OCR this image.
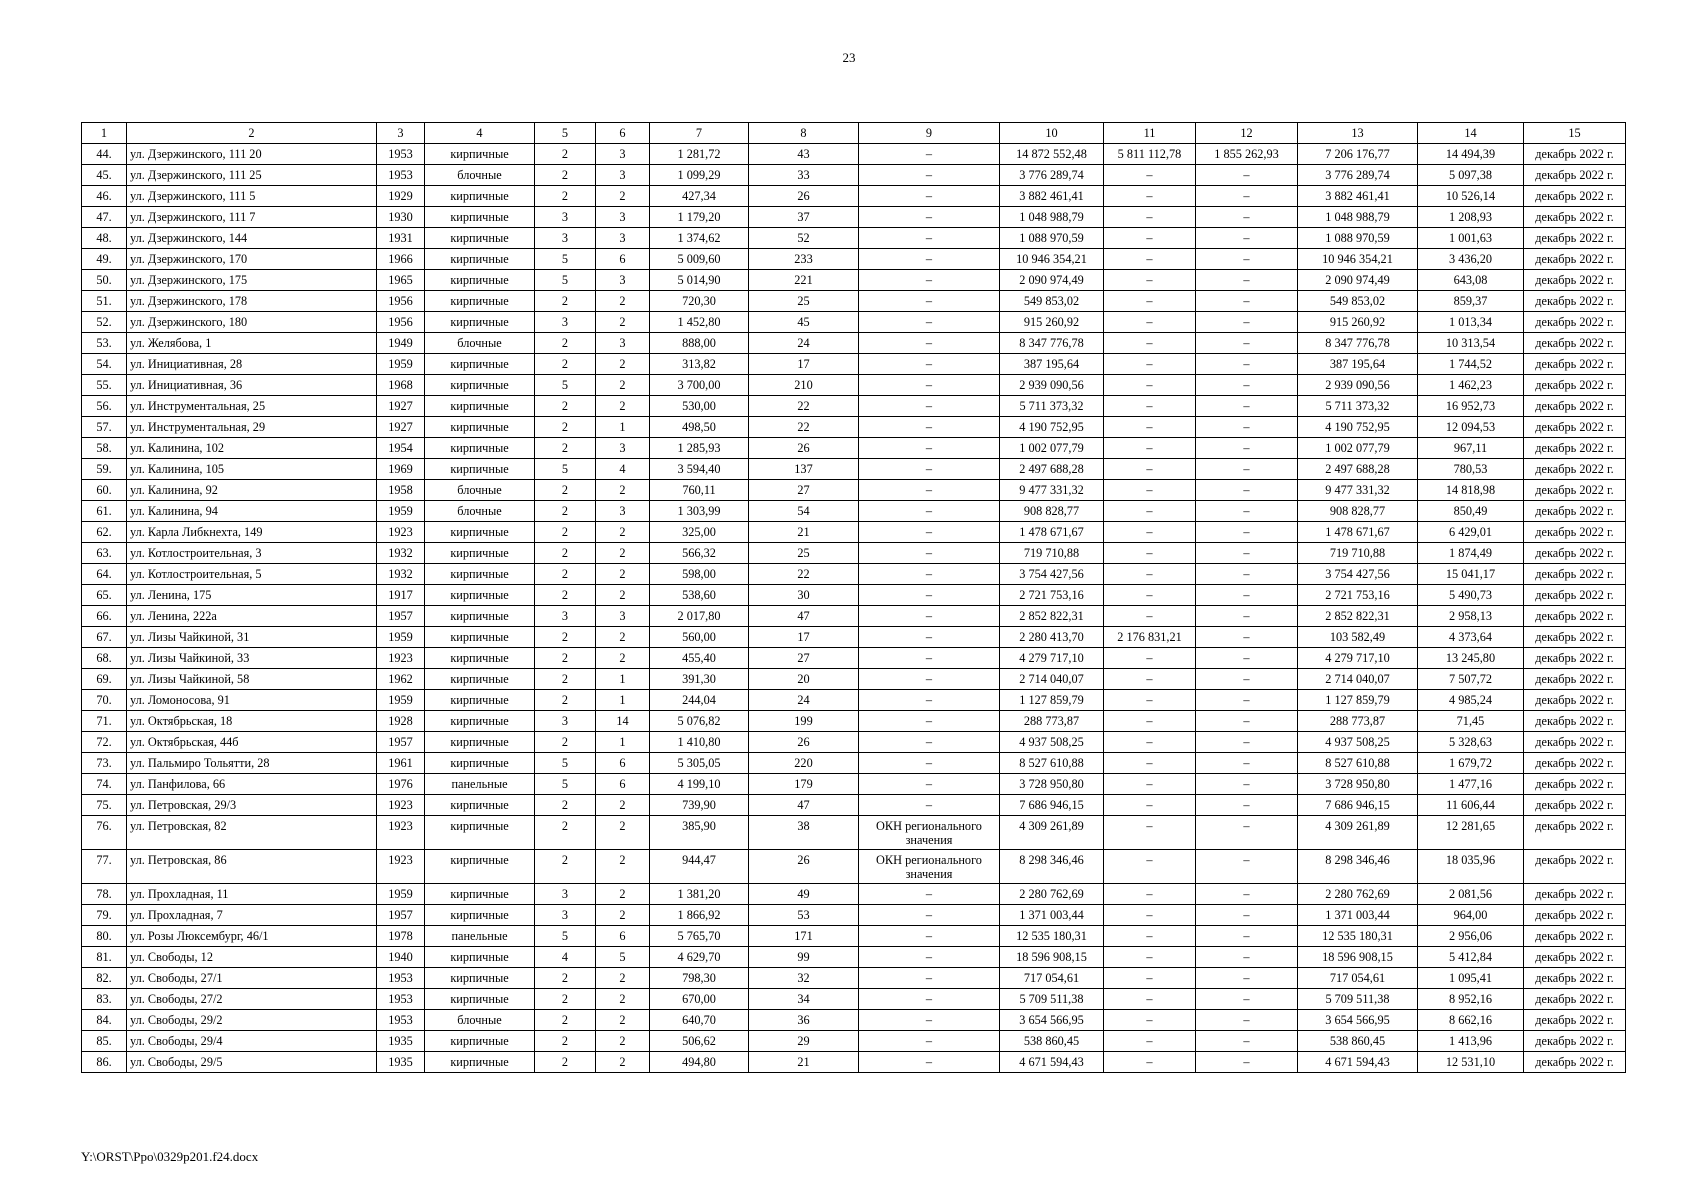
23
1	2	3	4	5	6	7	8	9	10	11	12	13	14	15
44.	ул. Дзержинского, 111 20	1953	кирпичные	2	3	1 281,72	43	–	14 872 552,48	5 811 112,78	1 855 262,93	7 206 176,77	14 494,39	декабрь 2022 г.
45.	ул. Дзержинского, 111 25	1953	блочные	2	3	1 099,29	33	–	3 776 289,74	–	–	3 776 289,74	5 097,38	декабрь 2022 г.
46.	ул. Дзержинского, 111 5	1929	кирпичные	2	2	427,34	26	–	3 882 461,41	–	–	3 882 461,41	10 526,14	декабрь 2022 г.
47.	ул. Дзержинского, 111 7	1930	кирпичные	3	3	1 179,20	37	–	1 048 988,79	–	–	1 048 988,79	1 208,93	декабрь 2022 г.
48.	ул. Дзержинского, 144	1931	кирпичные	3	3	1 374,62	52	–	1 088 970,59	–	–	1 088 970,59	1 001,63	декабрь 2022 г.
49.	ул. Дзержинского, 170	1966	кирпичные	5	6	5 009,60	233	–	10 946 354,21	–	–	10 946 354,21	3 436,20	декабрь 2022 г.
50.	ул. Дзержинского, 175	1965	кирпичные	5	3	5 014,90	221	–	2 090 974,49	–	–	2 090 974,49	643,08	декабрь 2022 г.
51.	ул. Дзержинского, 178	1956	кирпичные	2	2	720,30	25	–	549 853,02	–	–	549 853,02	859,37	декабрь 2022 г.
52.	ул. Дзержинского, 180	1956	кирпичные	3	2	1 452,80	45	–	915 260,92	–	–	915 260,92	1 013,34	декабрь 2022 г.
53.	ул. Желябова, 1	1949	блочные	2	3	888,00	24	–	8 347 776,78	–	–	8 347 776,78	10 313,54	декабрь 2022 г.
54.	ул. Инициативная, 28	1959	кирпичные	2	2	313,82	17	–	387 195,64	–	–	387 195,64	1 744,52	декабрь 2022 г.
55.	ул. Инициативная, 36	1968	кирпичные	5	2	3 700,00	210	–	2 939 090,56	–	–	2 939 090,56	1 462,23	декабрь 2022 г.
56.	ул. Инструментальная, 25	1927	кирпичные	2	2	530,00	22	–	5 711 373,32	–	–	5 711 373,32	16 952,73	декабрь 2022 г.
57.	ул. Инструментальная, 29	1927	кирпичные	2	1	498,50	22	–	4 190 752,95	–	–	4 190 752,95	12 094,53	декабрь 2022 г.
58.	ул. Калинина, 102	1954	кирпичные	2	3	1 285,93	26	–	1 002 077,79	–	–	1 002 077,79	967,11	декабрь 2022 г.
59.	ул. Калинина, 105	1969	кирпичные	5	4	3 594,40	137	–	2 497 688,28	–	–	2 497 688,28	780,53	декабрь 2022 г.
60.	ул. Калинина, 92	1958	блочные	2	2	760,11	27	–	9 477 331,32	–	–	9 477 331,32	14 818,98	декабрь 2022 г.
61.	ул. Калинина, 94	1959	блочные	2	3	1 303,99	54	–	908 828,77	–	–	908 828,77	850,49	декабрь 2022 г.
62.	ул. Карла Либкнехта, 149	1923	кирпичные	2	2	325,00	21	–	1 478 671,67	–	–	1 478 671,67	6 429,01	декабрь 2022 г.
63.	ул. Котлостроительная, 3	1932	кирпичные	2	2	566,32	25	–	719 710,88	–	–	719 710,88	1 874,49	декабрь 2022 г.
64.	ул. Котлостроительная, 5	1932	кирпичные	2	2	598,00	22	–	3 754 427,56	–	–	3 754 427,56	15 041,17	декабрь 2022 г.
65.	ул. Ленина, 175	1917	кирпичные	2	2	538,60	30	–	2 721 753,16	–	–	2 721 753,16	5 490,73	декабрь 2022 г.
66.	ул. Ленина, 222а	1957	кирпичные	3	3	2 017,80	47	–	2 852 822,31	–	–	2 852 822,31	2 958,13	декабрь 2022 г.
67.	ул. Лизы Чайкиной, 31	1959	кирпичные	2	2	560,00	17	–	2 280 413,70	2 176 831,21	–	103 582,49	4 373,64	декабрь 2022 г.
68.	ул. Лизы Чайкиной, 33	1923	кирпичные	2	2	455,40	27	–	4 279 717,10	–	–	4 279 717,10	13 245,80	декабрь 2022 г.
69.	ул. Лизы Чайкиной, 58	1962	кирпичные	2	1	391,30	20	–	2 714 040,07	–	–	2 714 040,07	7 507,72	декабрь 2022 г.
70.	ул. Ломоносова, 91	1959	кирпичные	2	1	244,04	24	–	1 127 859,79	–	–	1 127 859,79	4 985,24	декабрь 2022 г.
71.	ул. Октябрьская, 18	1928	кирпичные	3	14	5 076,82	199	–	288 773,87	–	–	288 773,87	71,45	декабрь 2022 г.
72.	ул. Октябрьская, 44б	1957	кирпичные	2	1	1 410,80	26	–	4 937 508,25	–	–	4 937 508,25	5 328,63	декабрь 2022 г.
73.	ул. Пальмиро Тольятти, 28	1961	кирпичные	5	6	5 305,05	220	–	8 527 610,88	–	–	8 527 610,88	1 679,72	декабрь 2022 г.
74.	ул. Панфилова, 66	1976	панельные	5	6	4 199,10	179	–	3 728 950,80	–	–	3 728 950,80	1 477,16	декабрь 2022 г.
75.	ул. Петровская, 29/3	1923	кирпичные	2	2	739,90	47	–	7 686 946,15	–	–	7 686 946,15	11 606,44	декабрь 2022 г.
76.	ул. Петровская, 82	1923	кирпичные	2	2	385,90	38	ОКН регионального значения	4 309 261,89	–	–	4 309 261,89	12 281,65	декабрь 2022 г.
77.	ул. Петровская, 86	1923	кирпичные	2	2	944,47	26	ОКН регионального значения	8 298 346,46	–	–	8 298 346,46	18 035,96	декабрь 2022 г.
78.	ул. Прохладная, 11	1959	кирпичные	3	2	1 381,20	49	–	2 280 762,69	–	–	2 280 762,69	2 081,56	декабрь 2022 г.
79.	ул. Прохладная, 7	1957	кирпичные	3	2	1 866,92	53	–	1 371 003,44	–	–	1 371 003,44	964,00	декабрь 2022 г.
80.	ул. Розы Люксембург, 46/1	1978	панельные	5	6	5 765,70	171	–	12 535 180,31	–	–	12 535 180,31	2 956,06	декабрь 2022 г.
81.	ул. Свободы, 12	1940	кирпичные	4	5	4 629,70	99	–	18 596 908,15	–	–	18 596 908,15	5 412,84	декабрь 2022 г.
82.	ул. Свободы, 27/1	1953	кирпичные	2	2	798,30	32	–	717 054,61	–	–	717 054,61	1 095,41	декабрь 2022 г.
83.	ул. Свободы, 27/2	1953	кирпичные	2	2	670,00	34	–	5 709 511,38	–	–	5 709 511,38	8 952,16	декабрь 2022 г.
84.	ул. Свободы, 29/2	1953	блочные	2	2	640,70	36	–	3 654 566,95	–	–	3 654 566,95	8 662,16	декабрь 2022 г.
85.	ул. Свободы, 29/4	1935	кирпичные	2	2	506,62	29	–	538 860,45	–	–	538 860,45	1 413,96	декабрь 2022 г.
86.	ул. Свободы, 29/5	1935	кирпичные	2	2	494,80	21	–	4 671 594,43	–	–	4 671 594,43	12 531,10	декабрь 2022 г.
Y:\ORST\Ppo\0329p201.f24.docx
